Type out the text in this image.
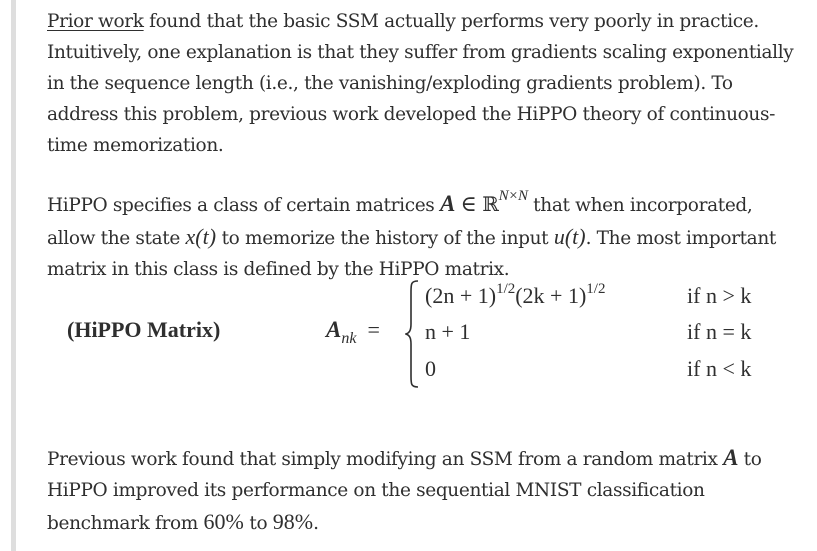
Prior work found that the basic SSM actually performs very poorly in practice. Intuitively, one explanation is that they suffer from gradients scaling exponentially in the sequence length (i.e., the vanishing/exploding gradients problem). To address this problem, previous work developed the HiPPO theory of continuous-time memorization.

HiPPO specifies a class of certain matrices A ∈ ℝ$^{N\times N}$ that when incorporated, allow the state x(t) to memorize the history of the input u(t). The most important matrix in this class is defined by the HiPPO matrix.

(HiPPO Matrix)	$A_{nk}$ =
$(2n + 1)^{1/2}(2k + 1)^{1/2}$
n + 1
0
if n > k
if n = k
if n < k

Previous work found that simply modifying an SSM from a random matrix A to HiPPO improved its performance on the sequential MNIST classification benchmark from 60% to 98%.
